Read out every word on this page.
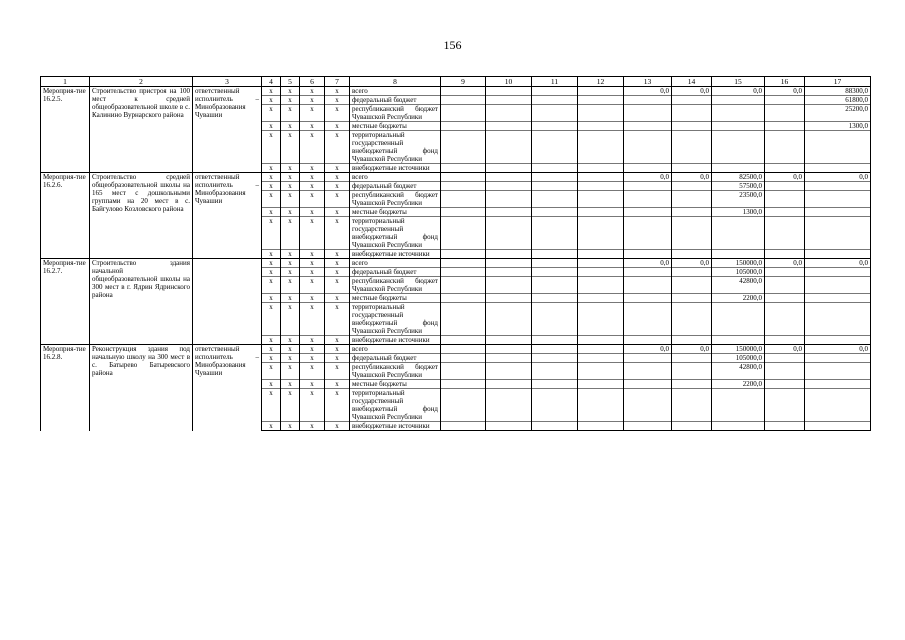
156
1	2	3	4	5	6	7	8	9	10	11	12	13	14	15	16	17
Мероприя-тие 16.2.5.	Строительство пристроя на 100 мест к средней общеобразовательной школе в с. Калинино Вурнарского района	ответственный исполнитель – Минобразования Чувашии	x	x	x	x	всего					0,0	0,0	0,0	0,0	88300,0
			x	x	x	x	федеральный бюджет									61800,0
			x	x	x	x	республиканский бюджет Чувашской Республики									25200,0
			x	x	x	x	местные бюджеты									1300,0
			x	x	x	x	территориальный государственный внебюджетный фонд Чувашской Республики									
			x	x	x	x	внебюджетные источники									
Мероприя-тие 16.2.6.	Строительство средней общеобразовательной школы на 165 мест с дошкольными группами на 20 мест в с. Байгулово Козловского района	ответственный исполнитель – Минобразования Чувашии	x	x	x	x	всего					0,0	0,0	82500,0	0,0	0,0
			x	x	x	x	федеральный бюджет							57500,0		
			x	x	x	x	республиканский бюджет Чувашской Республики							23500,0		
			x	x	x	x	местные бюджеты							1300,0		
			x	x	x	x	территориальный государственный внебюджетный фонд Чувашской Республики									
			x	x	x	x	внебюджетные источники									
Мероприя-тие 16.2.7.	Строительство здания начальной общеобразовательной школы на 300 мест в г. Ядрин Ядринского района		x	x	x	x	всего					0,0	0,0	150000,0	0,0	0,0
			x	x	x	x	федеральный бюджет							105000,0		
			x	x	x	x	республиканский бюджет Чувашской Республики							42800,0		
			x	x	x	x	местные бюджеты							2200,0		
			x	x	x	x	территориальный государственный внебюджетный фонд Чувашской Республики									
			x	x	x	x	внебюджетные источники									
Мероприя-тие 16.2.8.	Реконструкция здания под начальную школу на 300 мест в с. Батырево Батыревского района	ответственный исполнитель – Минобразования Чувашии	x	x	x	x	всего					0,0	0,0	150000,0	0,0	0,0
			x	x	x	x	федеральный бюджет							105000,0		
			x	x	x	x	республиканский бюджет Чувашской Республики							42800,0		
			x	x	x	x	местные бюджеты							2200,0		
			x	x	x	x	территориальный государственный внебюджетный фонд Чувашской Республики									
			x	x	x	x	внебюджетные источники									
